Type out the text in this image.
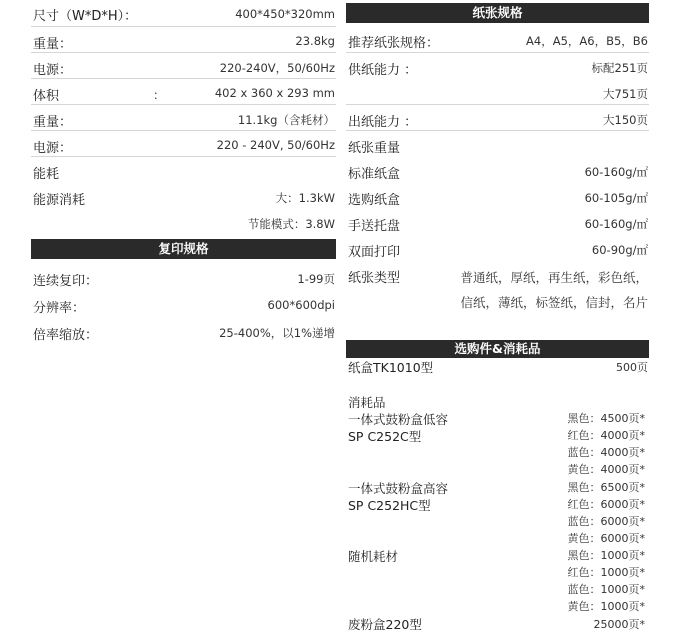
尺寸（W*D*H）：	400*450*320mm
重量：	23.8kg
电源：	220-240V，50/60Hz
体积	：	402 x 360 x 293 mm
重量：	11.1kg（含耗材）
电源：	220 - 240V, 50/60Hz
能耗
能源消耗	大：1.3kW
节能模式：3.8W
复印规格
连续复印：	1-99页
分辨率：	600*600dpi
倍率缩放：	25-400%，以1%递增
纸张规格
推荐纸张规格：	A4，A5，A6，B5，B6
供纸能力 ：	标配251页
大751页
出纸能力 ：	大150页
纸张重量
标准纸盒	60-160g/㎡
选购纸盒	60-105g/㎡
手送托盘	60-160g/㎡
双面打印	60-90g/㎡
纸张类型	普通纸，厚纸，再生纸，彩色纸，
信纸，薄纸，标签纸，信封，名片
选购件&消耗品
纸盒TK1010型	500页
消耗品
一体式鼓粉盒低容
SP C252C型
黑色：4500页*
红色：4000页*
蓝色：4000页*
黄色：4000页*
一体式鼓粉盒高容
SP C252HC型
黑色：6500页*
红色：6000页*
蓝色：6000页*
黄色：6000页*
随机耗材	黑色：1000页*
红色：1000页*
蓝色：1000页*
黄色：1000页*
废粉盒220型	25000页*
